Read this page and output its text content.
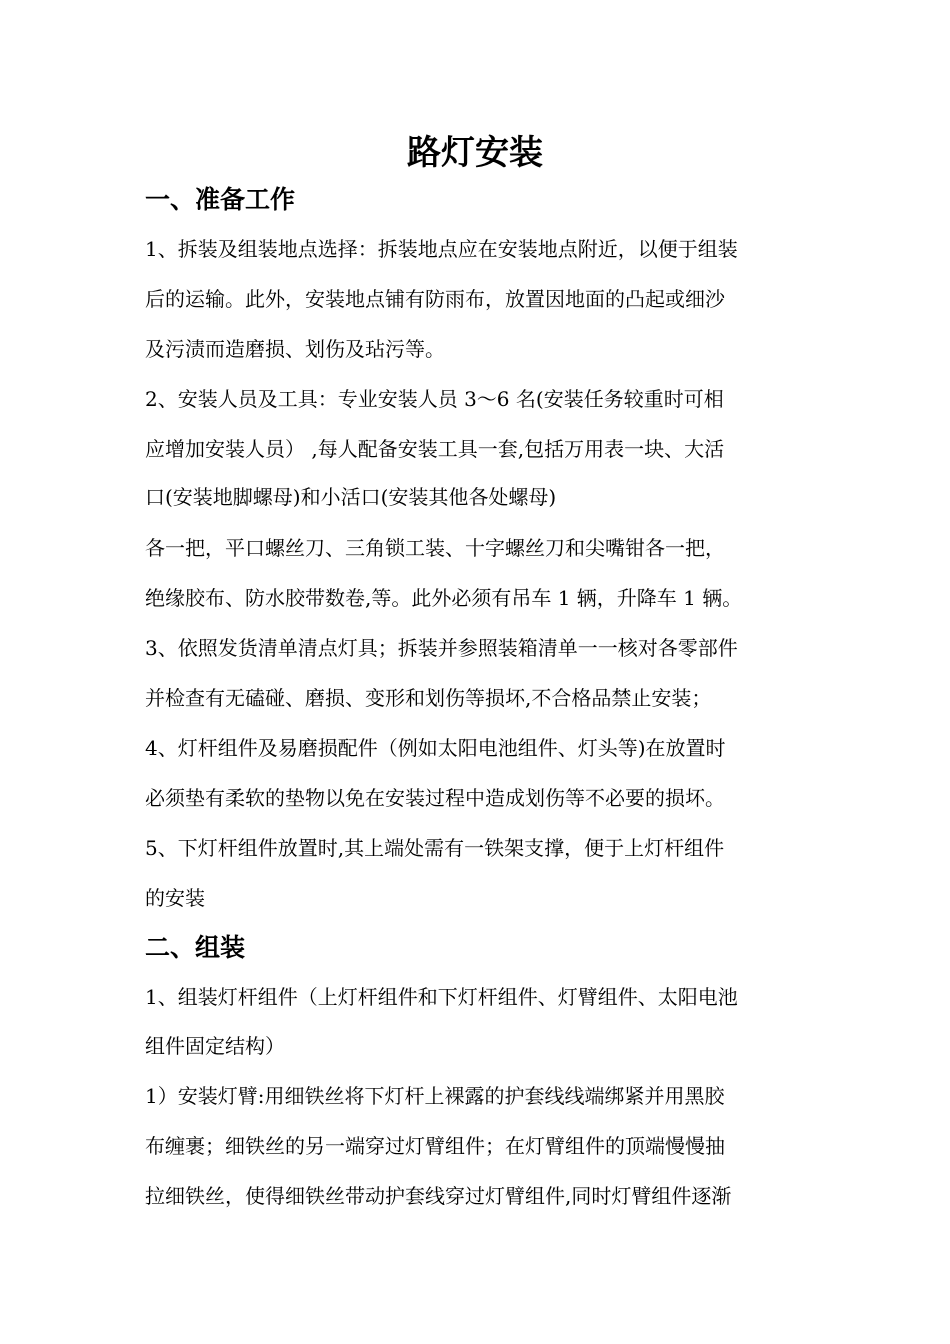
路灯安装
一、准备工作

1、拆装及组装地点选择：拆装地点应在安装地点附近，以便于组装

后的运输。此外，安装地点铺有防雨布，放置因地面的凸起或细沙

及污渍而造磨损、划伤及玷污等。

2、安装人员及工具：专业安装人员 3～6 名(安装任务较重时可相

应增加安装人员） ,每人配备安装工具一套,包括万用表一块、大活

口(安装地脚螺母)和小活口(安装其他各处螺母)

各一把，平口螺丝刀、三角锁工装、十字螺丝刀和尖嘴钳各一把，

绝缘胶布、防水胶带数卷,等。此外必须有吊车 1 辆，升降车 1 辆。

3、依照发货清单清点灯具；拆装并参照装箱清单一一核对各零部件

并检查有无磕碰、磨损、变形和划伤等损坏,不合格品禁止安装；

4、灯杆组件及易磨损配件（例如太阳电池组件、灯头等)在放置时

必须垫有柔软的垫物以免在安装过程中造成划伤等不必要的损坏。

5、下灯杆组件放置时,其上端处需有一铁架支撑，便于上灯杆组件

的安装

二、组装

1、组装灯杆组件（上灯杆组件和下灯杆组件、灯臂组件、太阳电池

组件固定结构）

1）安装灯臂:用细铁丝将下灯杆上裸露的护套线线端绑紧并用黑胶

布缠裹；细铁丝的另一端穿过灯臂组件；在灯臂组件的顶端慢慢抽

拉细铁丝，使得细铁丝带动护套线穿过灯臂组件,同时灯臂组件逐渐
